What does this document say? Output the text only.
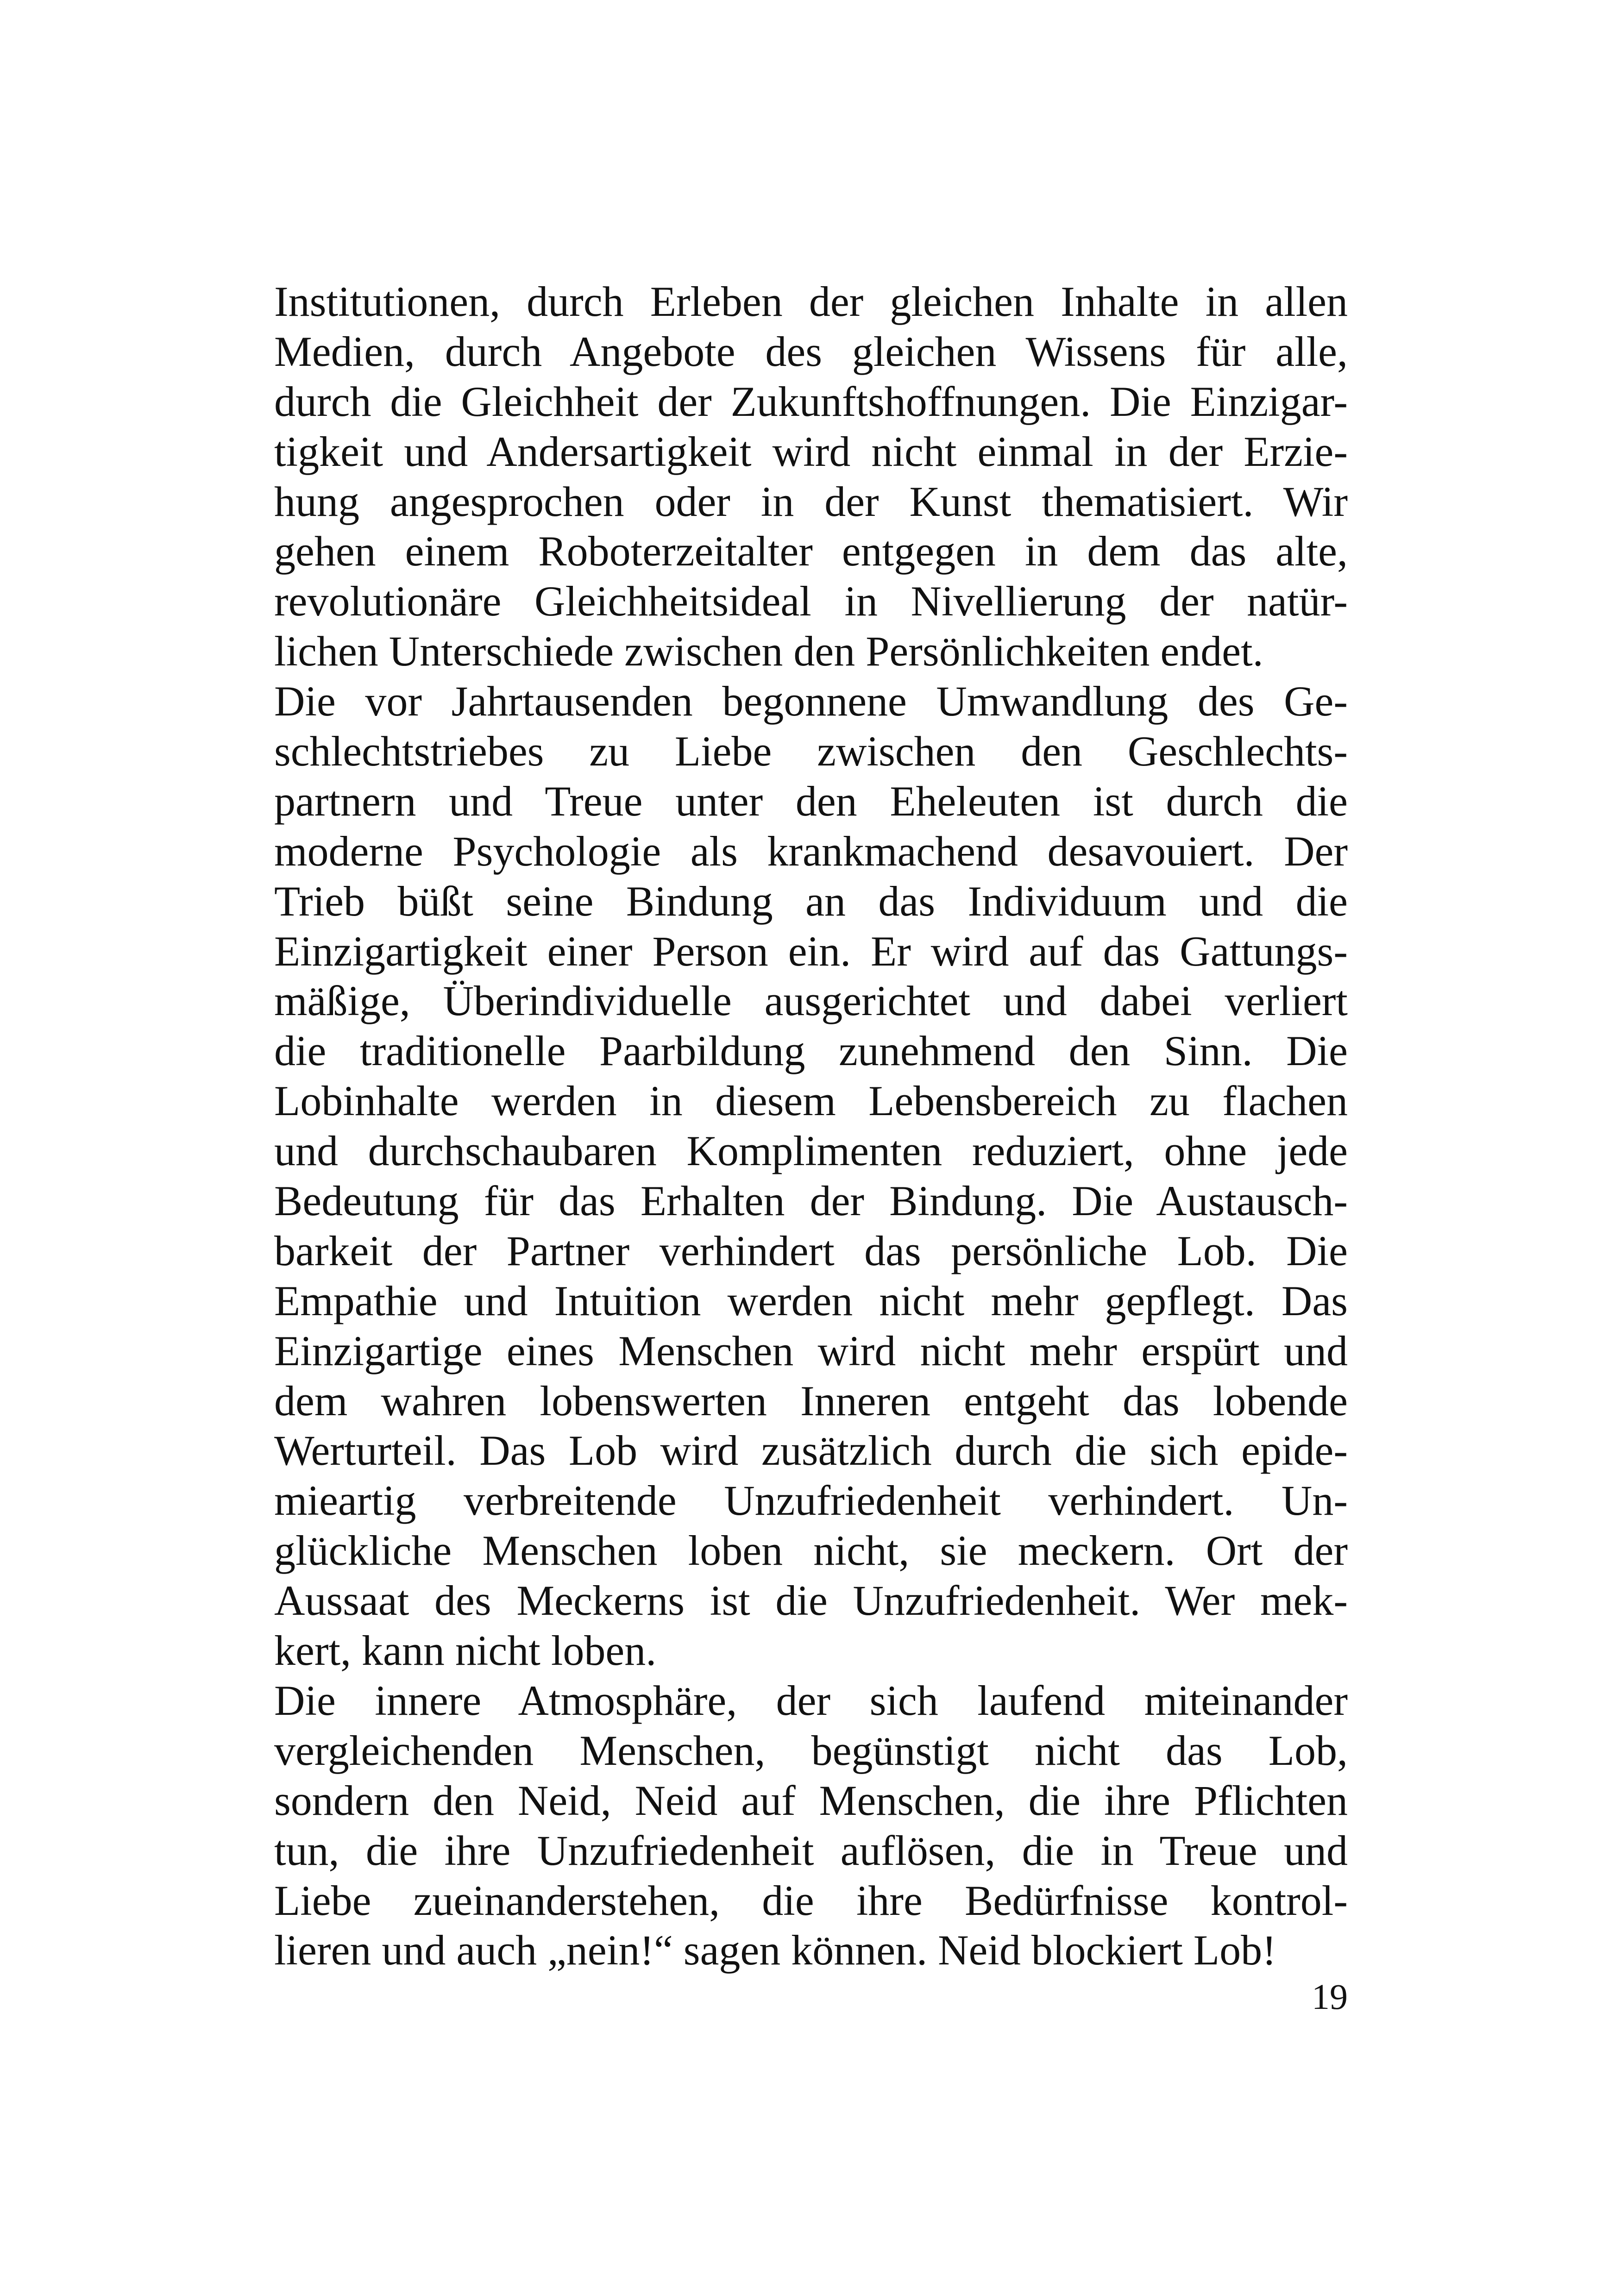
Institutionen, durch Erleben der gleichen Inhalte in allen
Medien, durch Angebote des gleichen Wissens für alle,
durch die Gleichheit der Zukunftshoffnungen. Die Einzigar-
tigkeit und Andersartigkeit wird nicht einmal in der Erzie-
hung angesprochen oder in der Kunst thematisiert. Wir
gehen einem Roboterzeitalter entgegen in dem das alte,
revolutionäre Gleichheitsideal in Nivellierung der natür-
lichen Unterschiede zwischen den Persönlichkeiten endet.
Die vor Jahrtausenden begonnene Umwandlung des Ge-
schlechtstriebes zu Liebe zwischen den Geschlechts-
partnern und Treue unter den Eheleuten ist durch die
moderne Psychologie als krankmachend desavouiert. Der
Trieb büßt seine Bindung an das Individuum und die
Einzigartigkeit einer Person ein. Er wird auf das Gattungs-
mäßige, Überindividuelle ausgerichtet und dabei verliert
die traditionelle Paarbildung zunehmend den Sinn. Die
Lobinhalte werden in diesem Lebensbereich zu flachen
und durchschaubaren Komplimenten reduziert, ohne jede
Bedeutung für das Erhalten der Bindung. Die Austausch-
barkeit der Partner verhindert das persönliche Lob. Die
Empathie und Intuition werden nicht mehr gepflegt. Das
Einzigartige eines Menschen wird nicht mehr erspürt und
dem wahren lobenswerten Inneren entgeht das lobende
Werturteil. Das Lob wird zusätzlich durch die sich epide-
mieartig verbreitende Unzufriedenheit verhindert. Un-
glückliche Menschen loben nicht, sie meckern. Ort der
Aussaat des Meckerns ist die Unzufriedenheit. Wer mek-
kert, kann nicht loben.
Die innere Atmosphäre, der sich laufend miteinander
vergleichenden Menschen, begünstigt nicht das Lob,
sondern den Neid, Neid auf Menschen, die ihre Pflichten
tun, die ihre Unzufriedenheit auflösen, die in Treue und
Liebe zueinanderstehen, die ihre Bedürfnisse kontrol-
lieren und auch „nein!“ sagen können. Neid blockiert Lob!
19
